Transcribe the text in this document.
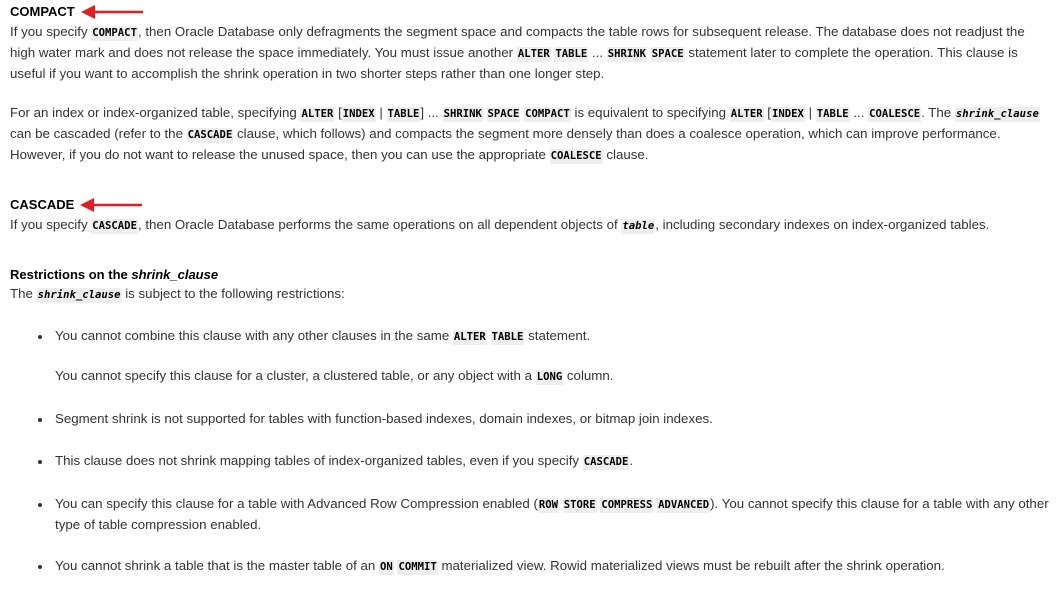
COMPACT

If you specify COMPACT, then Oracle Database only defragments the segment space and compacts the table rows for subsequent release. The database does not readjust the high water mark and does not release the space immediately. You must issue another ALTER TABLE ... SHRINK SPACE statement later to complete the operation. This clause is useful if you want to accomplish the shrink operation in two shorter steps rather than one longer step.

For an index or index-organized table, specifying ALTER [INDEX | TABLE] ... SHRINK SPACE COMPACT is equivalent to specifying ALTER [INDEX | TABLE ... COALESCE. The shrink_clause can be cascaded (refer to the CASCADE clause, which follows) and compacts the segment more densely than does a coalesce operation, which can improve performance. However, if you do not want to release the unused space, then you can use the appropriate COALESCE clause.

CASCADE

If you specify CASCADE, then Oracle Database performs the same operations on all dependent objects of table, including secondary indexes on index-organized tables.

Restrictions on the shrink_clause

The shrink_clause is subject to the following restrictions:

You cannot combine this clause with any other clauses in the same ALTER TABLE statement.
You cannot specify this clause for a cluster, a clustered table, or any object with a LONG column.
Segment shrink is not supported for tables with function-based indexes, domain indexes, or bitmap join indexes.
This clause does not shrink mapping tables of index-organized tables, even if you specify CASCADE.
You can specify this clause for a table with Advanced Row Compression enabled (ROW STORE COMPRESS ADVANCED). You cannot specify this clause for a table with any other type of table compression enabled.
You cannot shrink a table that is the master table of an ON COMMIT materialized view. Rowid materialized views must be rebuilt after the shrink operation.
